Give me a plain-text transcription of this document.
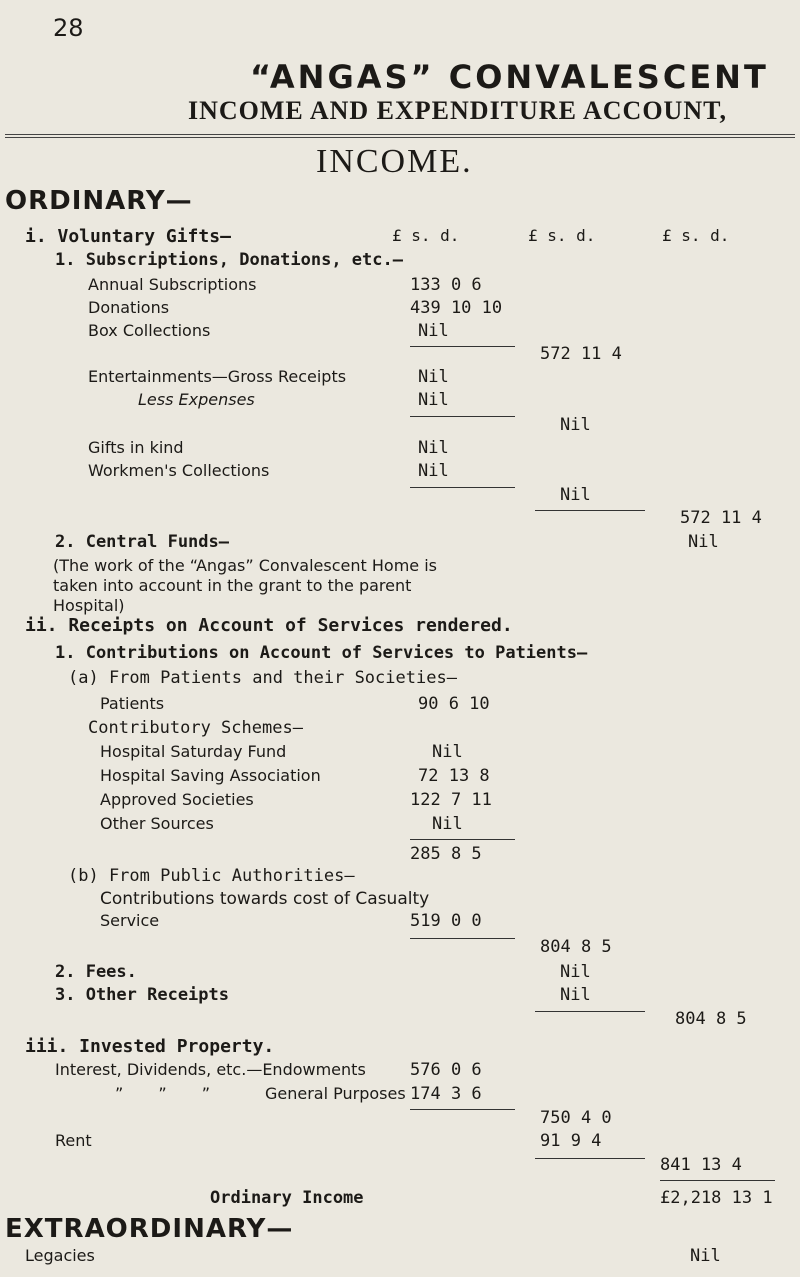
28
“ANGAS” CONVALESCENT
INCOME AND EXPENDITURE ACCOUNT,
INCOME.
ORDINARY—
£ s. d.	£ s. d.	£ s. d.
i. Voluntary Gifts—
1. Subscriptions, Donations, etc.—
Annual Subscriptions	133 0 6
Donations	439 10 10
Box Collections	Nil
572 11 4
Entertainments—Gross Receipts	Nil
Less Expenses	Nil
Nil
Gifts in kind	Nil
Workmen's Collections	Nil
Nil
572 11 4
2. Central Funds—	Nil
(The work of the “Angas” Convalescent Home is taken into account in the grant to the parent Hospital)
ii. Receipts on Account of Services rendered.
1. Contributions on Account of Services to Patients—
(a) From Patients and their Societies—
Patients	90 6 10
Contributory Schemes—
Hospital Saturday Fund	Nil
Hospital Saving Association	72 13 8
Approved Societies	122 7 11
Other Sources	Nil
285 8 5
(b) From Public Authorities—
Contributions towards cost of Casualty
Service	519 0 0
804 8 5
2. Fees.	Nil
3. Other Receipts	Nil
804 8 5
iii. Invested Property.
Interest, Dividends, etc.—Endowments	576 0 6
” ” ”	General Purposes 174 3 6
750 4 0
Rent	91 9 4
841 13 4
Ordinary Income	£2,218 13 1
EXTRAORDINARY—
Legacies	Nil
